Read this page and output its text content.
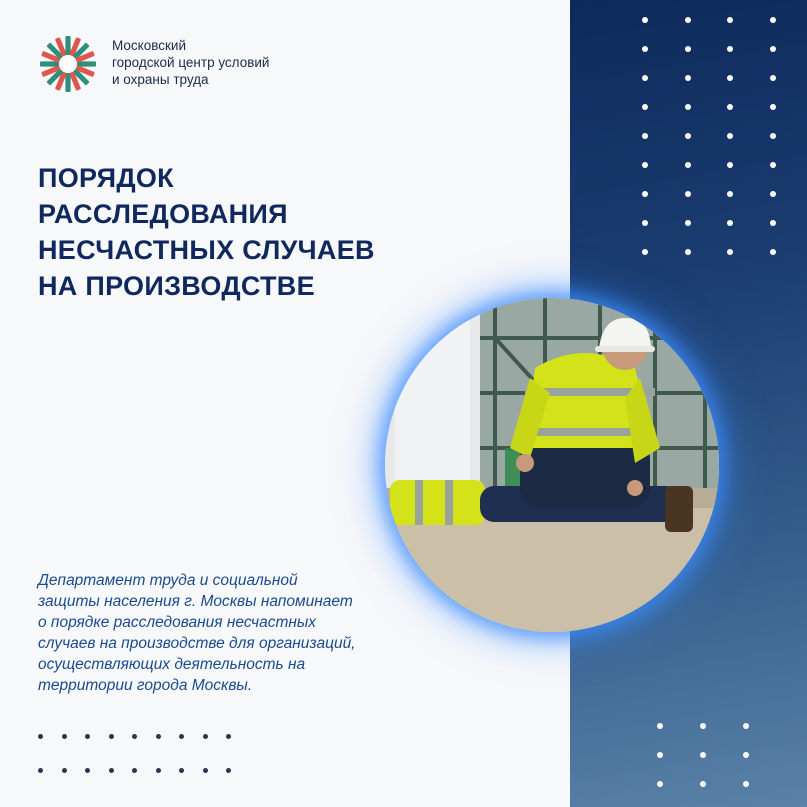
Московский
городской центр условий
и охраны труда
ПОРЯДОК
РАССЛЕДОВАНИЯ
НЕСЧАСТНЫХ СЛУЧАЕВ
НА ПРОИЗВОДСТВЕ
Департамент труда и социальной
защиты населения г. Москвы напоминает
о порядке расследования несчастных
случаев на производстве для организаций,
осуществляющих деятельность на
территории города Москвы.
